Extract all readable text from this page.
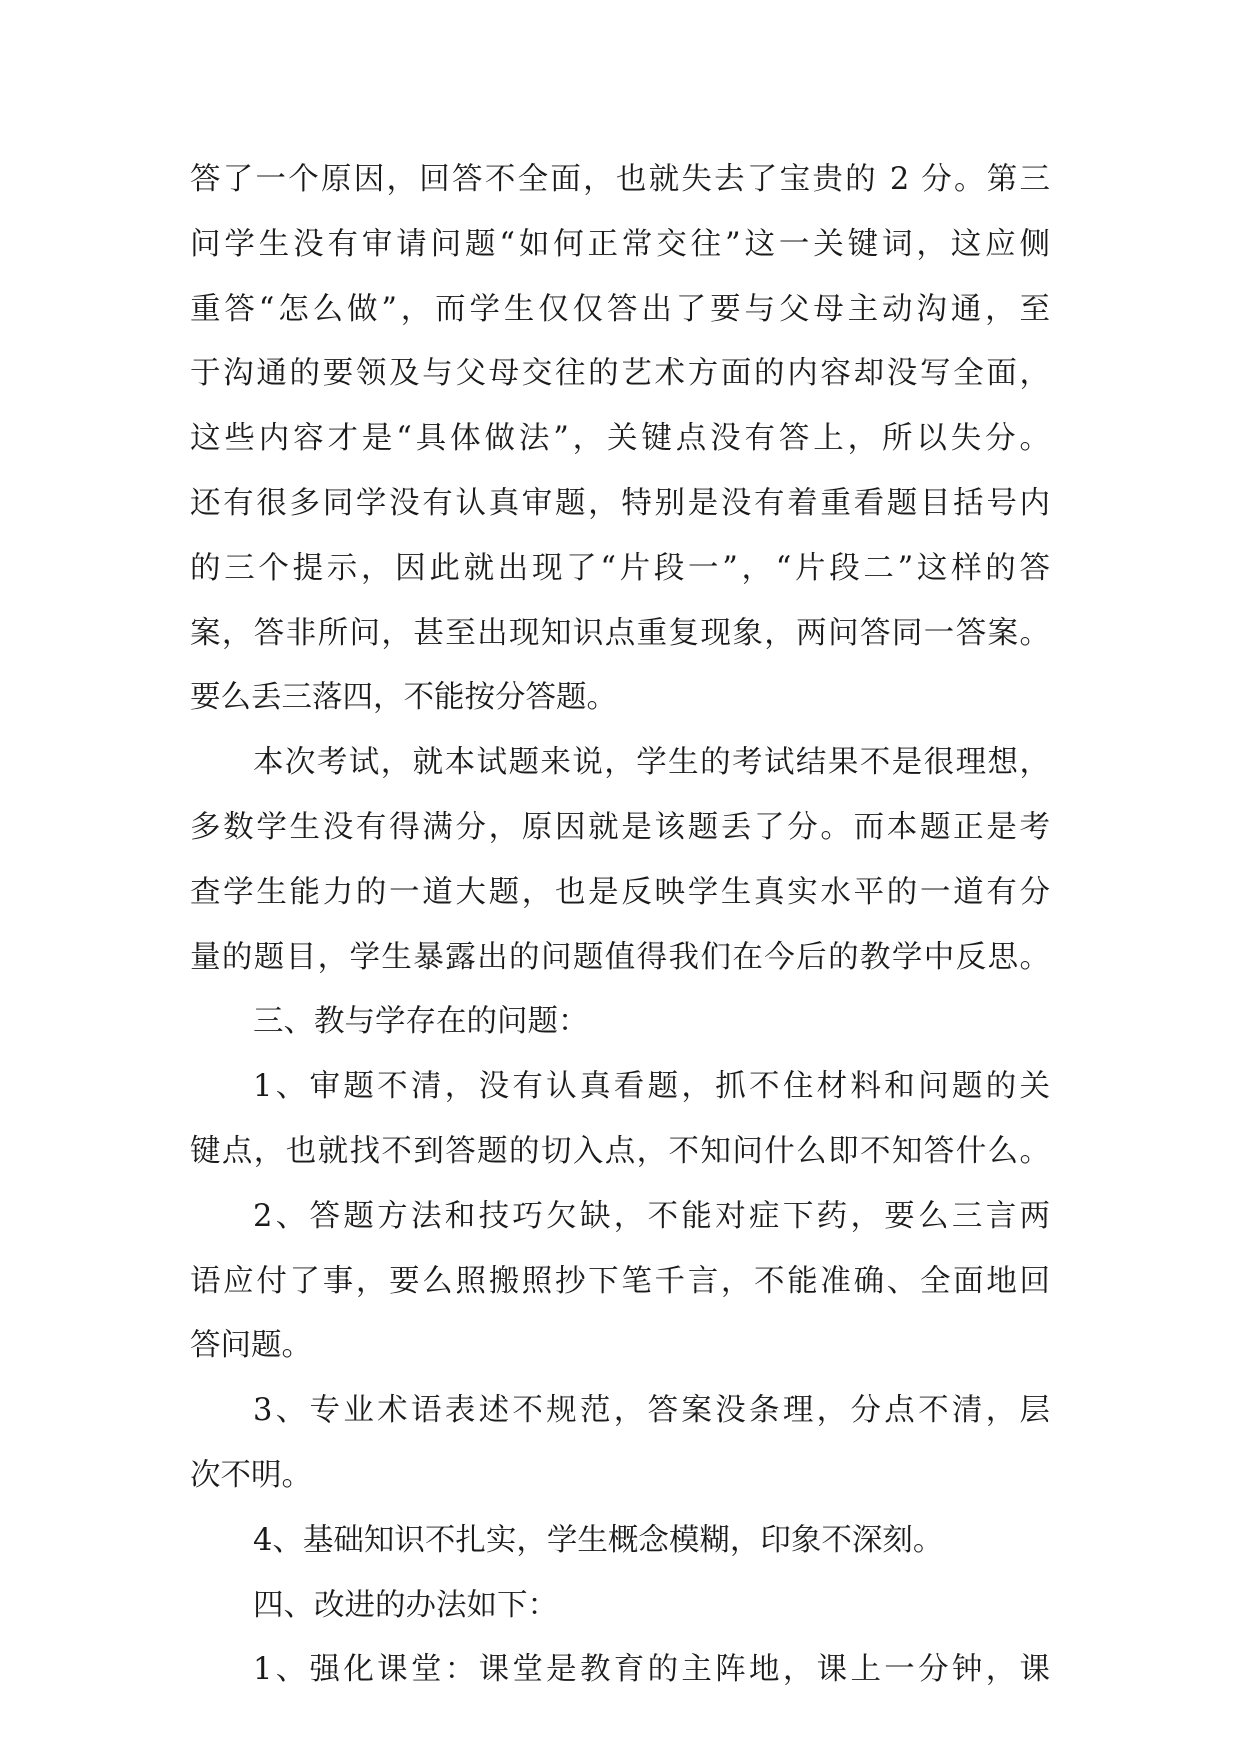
答了一个原因，回答不全面，也就失去了宝贵的 2 分。第三
问学生没有审请问题“如何正常交往”这一关键词，这应侧
重答“怎么做”，而学生仅仅答出了要与父母主动沟通，至
于沟通的要领及与父母交往的艺术方面的内容却没写全面，
这些内容才是“具体做法”，关键点没有答上，所以失分。
还有很多同学没有认真审题，特别是没有着重看题目括号内
的三个提示，因此就出现了“片段一”，“片段二”这样的答
案，答非所问，甚至出现知识点重复现象，两问答同一答案。
要么丢三落四，不能按分答题。
本次考试，就本试题来说，学生的考试结果不是很理想，
多数学生没有得满分，原因就是该题丢了分。而本题正是考
查学生能力的一道大题，也是反映学生真实水平的一道有分
量的题目，学生暴露出的问题值得我们在今后的教学中反思。
三、教与学存在的问题：
1、审题不清，没有认真看题，抓不住材料和问题的关
键点，也就找不到答题的切入点，不知问什么即不知答什么。
2、答题方法和技巧欠缺，不能对症下药，要么三言两
语应付了事，要么照搬照抄下笔千言，不能准确、全面地回
答问题。
3、专业术语表述不规范，答案没条理，分点不清，层
次不明。
4、基础知识不扎实，学生概念模糊，印象不深刻。
四、改进的办法如下：
1、强化课堂：课堂是教育的主阵地，课上一分钟，课
